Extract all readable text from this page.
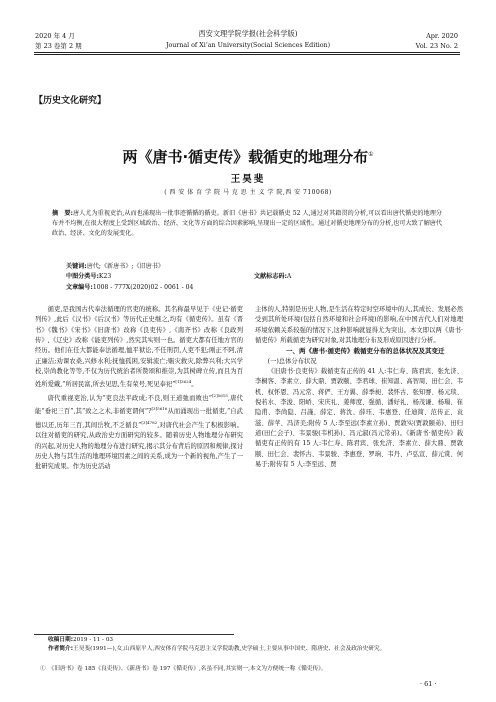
2020 年 4 月
第 23 卷第 2 期
西安文理学院学报(社会科学版)
Journal of Xi’an University(Social Sciences Edition)
Apr. 2020
Vol. 23 No. 2
【历史文化研究】
两《唐书·循吏传》载循吏的地理分布①
王昊斐
( 西 安 体 育 学 院 马 克 思 主 义 学 院,西 安 710068)
摘　要:唐人尤为重视吏治,从而也涌现出一批事迹循循的循吏。新旧《唐书》共记载循吏 52 人,通过对其籍贯的分析,可以看出唐代循吏的地理分布并不均衡,在很大程度上受到区域政治、经济、文化等方面的综合因素影响,呈现出一定的区域性。通过对循吏地理分布的分析,也可大致了解唐代政治、经济、文化的发展变化。
关键词:唐代;《新唐书》;《旧唐书》
中图分类号:K23	文献标志码:A
文章编号:1008 - 777X(2020)02 - 0061 - 04

循吏,是我国古代奉法循理的官吏的统称。其名称最早见于《史记·循吏列传》,此后《汉书》《后汉书》等历代正史继之,均有《循吏传》。虽有《晋书》《魏书》《宋书》《旧唐书》改称《良吏传》,《南齐书》改称《良政列传》,《辽史》改称《能吏列传》,然究其实则一也。循吏大都有任地方官的经历。他们在任大都能奉法循理,恤平狱讼,不任刑罚,人吏不犯;刚正不阿,清正廉洁;劝课农桑,兴修水利;抚恤孤困,安辑流亡;赈灾救灾,除弊兴利;大兴学校,崇尚教化等等,不仅为历代统治者所赞颂和推崇,为其树碑立传,而且为百姓所爱戴,“所居民富,所去见思,生有荣号,死见奉祀”$^{[1]3624}$。

唐代重视吏治,认为“吏良法平政成;不良,则王道弛而败也”$^{[2]5615}$,唐代能“垂祀三百”,其“致之之术,非循吏谓何”?$^{[3]5616}$从而涌现出一批循吏,“自武德以还,历年三百,其间岳牧,不乏循良”$^{[3]4782}$,对唐代社会产生了积极影响。以往对循吏的研究,从政治史方面研究的较多。随着历史人物地理分布研究的兴起,对历史人物的地理分布进行研究,揭示其分布背后的原因和规律,探讨历史人物与其生活的地理环境因素之间的关系,成为一个新的视角,产生了一批研究成果。作为历史活动

主体的人,特别是历史人物,是生活在特定时空环境中的人,其成长、发展必然受到其所处环境(包括自然环境和社会环境)的影响,在中国古代人们对地理环境依赖关系较强的情况下,这种影响就显得尤为突出。本文即以两《唐书·循吏传》所载循吏为研究对象,对其地理分布及形成原因进行分析。

一、两《唐书·循吏传》载循吏分布的总体状况及其变迁

(一)总体分布状况

《旧唐书·良吏传》载循吏有正传的 41 人:韦仁寿、陈君宾、张允济、李桐客、李素立、薛大鼎、贾敦颐、李君球、崔知温、高智周、田仁会、韦机、权怀恩、冯元常、蒋俨、王方翼、薛季昶、裴怀古、张知謇、杨元琰、倪若水、李浚、阳峤、宋庆礼、姜师度、强循、潘好礼、杨茂谦、杨瑒、崔隐甫、李尚隐、吕謹、薛定、蒋沇、薛珏、韦惠登、任迪简、范传正、袁滋、薛苹、冯济美;附传 5 人:李至远(李素立孙)、贾敦实(贾敦颐弟)、田归道(田仁会子)、韦景骏(韦机孙)、冯元淑(冯元常弟)。《新唐书·循吏传》载循吏有正传的有 15 人:韦仁寿、陈君宾、张允济、李素立、薛大鼎、贾敦颐、田仁会、裴怀古、韦景骏、李惠登、罗珦、韦丹、卢弘宣、薛元赏、何易于;附传有 5 人:李至远、贾

收稿日期:2019 - 11 - 03
作者简介:王昊斐(1991—),女,山西原平人,西安体育学院马克思主义学院助教,史学硕士,主要从事中国史、隋唐史、社会及政治史研究。
①　 《旧唐书》卷 185《良吏传》、《新唐书》卷 197《循吏传》,名虽不同,其实则一,本文为方便统一称《循吏传》。
· 61 ·
